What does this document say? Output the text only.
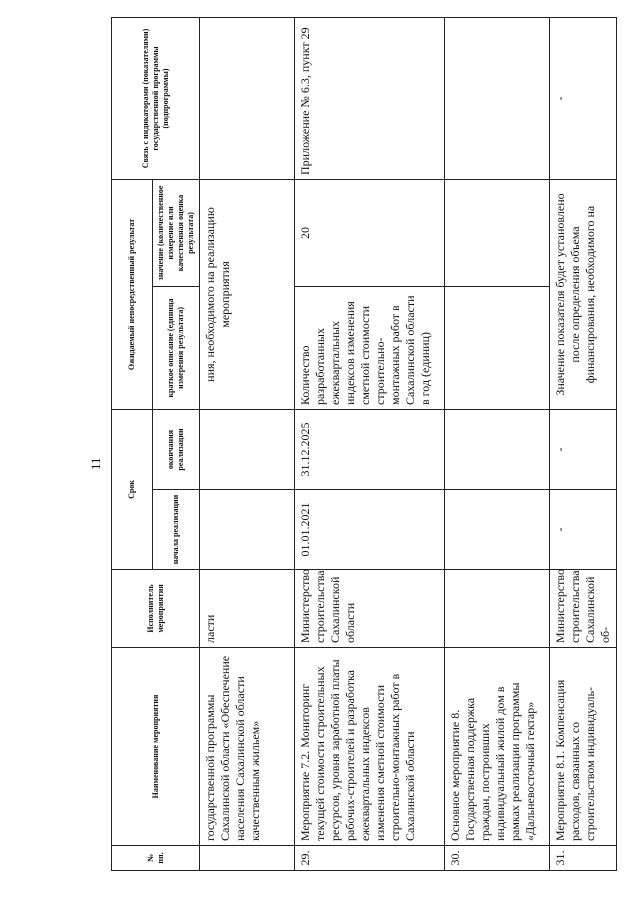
11
№ пп.	Наименование мероприятия	Исполнитель мероприятия	Срок		Ожидаемый непосредственный результат		Связь с индикаторами (показателями) государственной программы (подпрограммы)
			начала реализации	окончания реализации	краткое описание (единица измерения результата)	значение (количественное измерение или качественная оценка результата)	
	государственной программы Сахалинской области «Обеспечение населения Сахалинской области качественным жильем»	ласти			ния, необходимого на реализацию мероприятия		
29.	Мероприятие 7.2. Мониторинг текущей стоимости строительных ресурсов, уровня заработной платы рабочих-строителей и разработка ежеквартальных индексов изменения сметной стоимости строительно-монтажных работ в Сахалинской области	Министерство строительства Сахалинской области	01.01.2021	31.12.2025	Количество разработанных ежеквартальных индексов изменения сметной стоимости строительно-монтажных работ в Сахалинской области в год (единиц)	20	Приложение № 6.3, пункт 29
30.	Основное мероприятие 8. Государственная поддержка граждан, построивших индивидуальный жилой дом в рамках реализации программы «Дальневосточный гектар»						
31.	Мероприятие 8.1. Компенсация расходов, связанных со строительством индивидуаль-	Министерство строительства Сахалинской об-	-	-	Значение показателя будет установлено после определения объема финансирования, необходимого на		-
